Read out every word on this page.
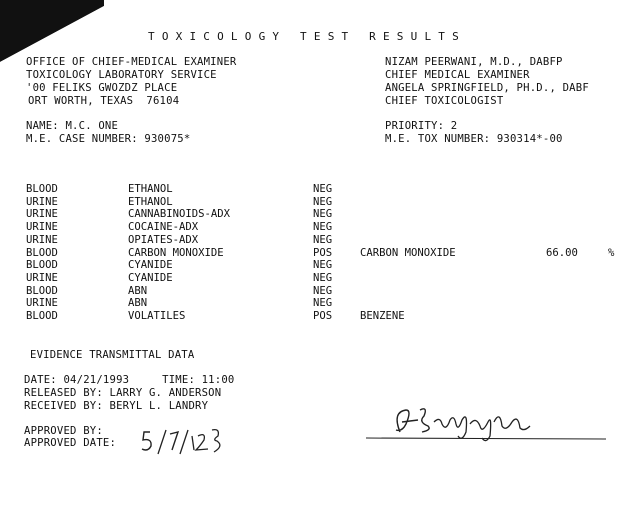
TOXICOLOGY TEST RESULTS
OFFICE OF CHIEF-MEDICAL EXAMINER
TOXICOLOGY LABORATORY SERVICE
'00 FELIKS GWOZDZ PLACE
ORT WORTH, TEXAS  76104
NIZAM PEERWANI, M.D., DABFP
CHIEF MEDICAL EXAMINER
ANGELA SPRINGFIELD, PH.D., DABF
CHIEF TOXICOLOGIST
NAME: M.C. ONE
M.E. CASE NUMBER: 930075*
PRIORITY: 2
M.E. TOX NUMBER: 930314*-00
BLOOD	ETHANOL	NEG
URINE	ETHANOL	NEG
URINE	CANNABINOIDS-ADX	NEG
URINE	COCAINE-ADX	NEG
URINE	OPIATES-ADX	NEG
BLOOD	CARBON MONOXIDE	POS	CARBON MONOXIDE	66.00	%
BLOOD	CYANIDE	NEG
URINE	CYANIDE	NEG
BLOOD	ABN	NEG
URINE	ABN	NEG
BLOOD	VOLATILES	POS	BENZENE
EVIDENCE TRANSMITTAL DATA
DATE: 04/21/1993     TIME: 11:00
RELEASED BY: LARRY G. ANDERSON
RECEIVED BY: BERYL L. LANDRY
APPROVED BY:
APPROVED DATE:
